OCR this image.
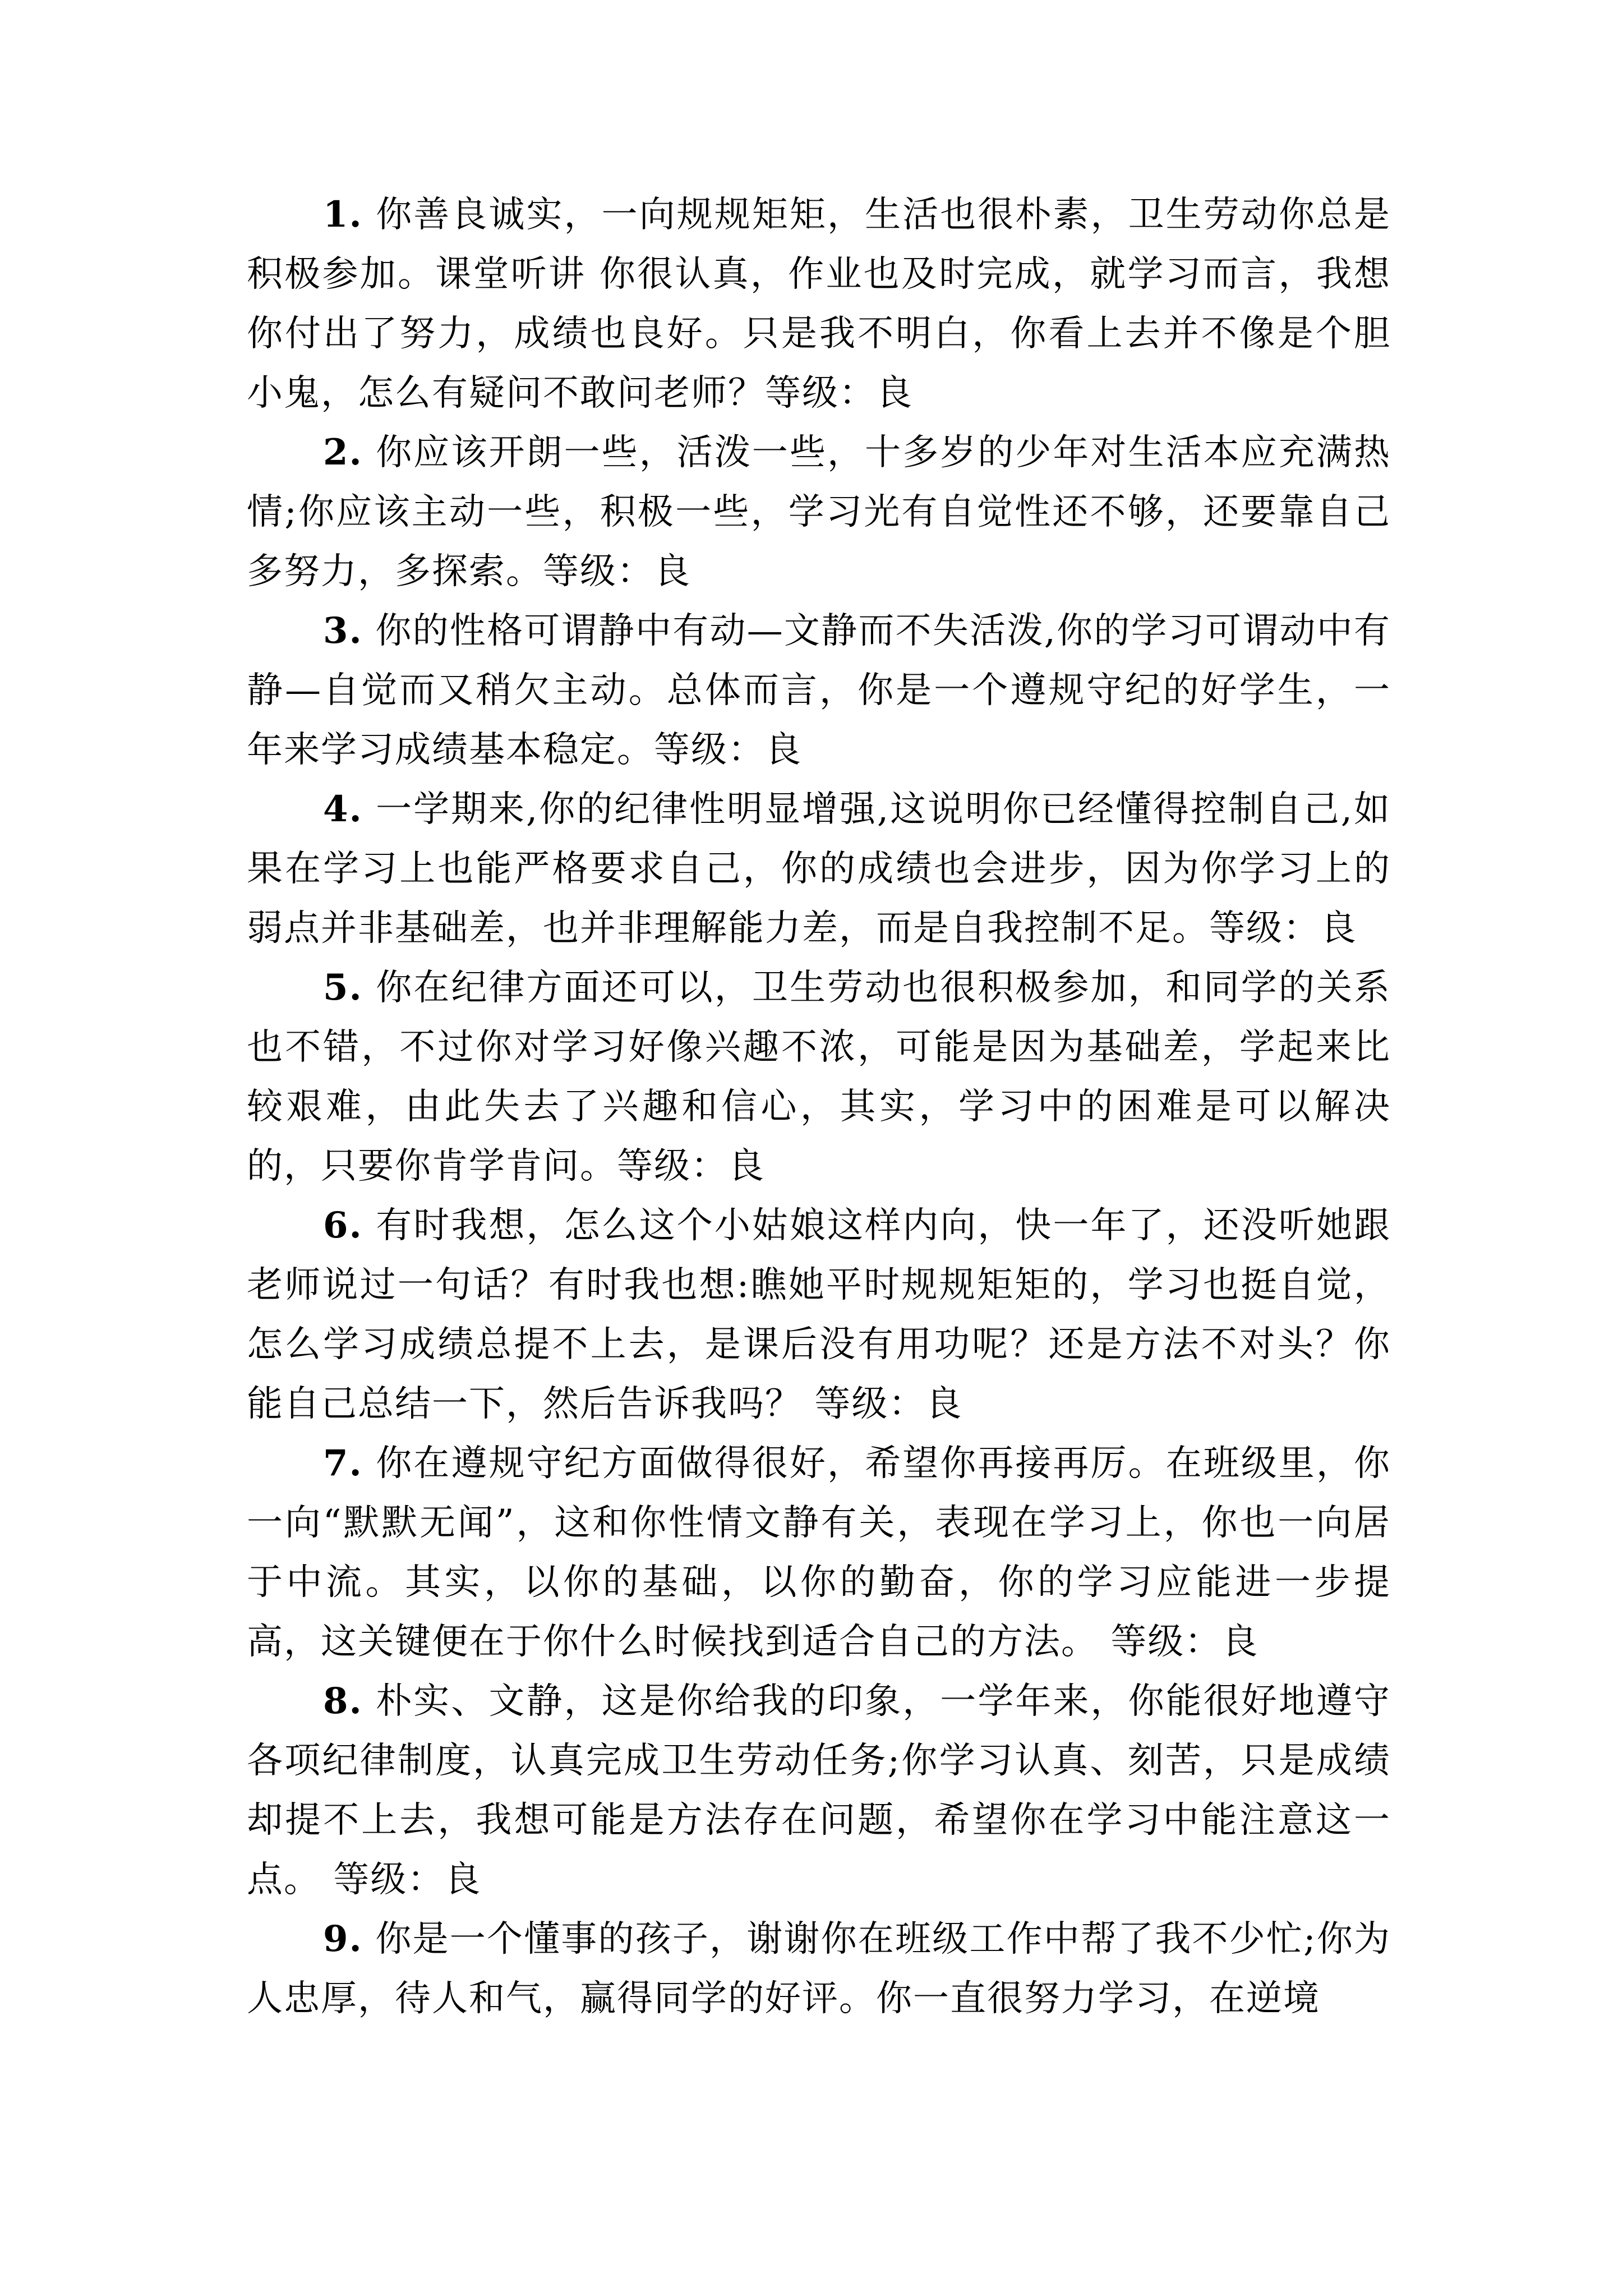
1. 你善良诚实，一向规规矩矩，生活也很朴素，卫生劳动你总是积极参加。课堂听讲 你很认真，作业也及时完成，就学习而言，我想你付出了努力，成绩也良好。只是我不明白，你看上去并不像是个胆小鬼，怎么有疑问不敢问老师？等级：良

2. 你应该开朗一些，活泼一些，十多岁的少年对生活本应充满热情;你应该主动一些，积极一些，学习光有自觉性还不够，还要靠自己多努力，多探索。等级：良

3. 你的性格可谓静中有动—文静而不失活泼,你的学习可谓动中有静—自觉而又稍欠主动。总体而言，你是一个遵规守纪的好学生，一年来学习成绩基本稳定。等级：良

4. 一学期来,你的纪律性明显增强,这说明你已经懂得控制自己,如果在学习上也能严格要求自己，你的成绩也会进步，因为你学习上的弱点并非基础差，也并非理解能力差，而是自我控制不足。等级：良

5. 你在纪律方面还可以，卫生劳动也很积极参加，和同学的关系也不错，不过你对学习好像兴趣不浓，可能是因为基础差，学起来比较艰难，由此失去了兴趣和信心，其实，学习中的困难是可以解决的，只要你肯学肯问。等级：良

6. 有时我想，怎么这个小姑娘这样内向，快一年了，还没听她跟老师说过一句话？有时我也想:瞧她平时规规矩矩的，学习也挺自觉，怎么学习成绩总提不上去，是课后没有用功呢？还是方法不对头？你能自己总结一下，然后告诉我吗？ 等级：良

7. 你在遵规守纪方面做得很好，希望你再接再厉。在班级里，你一向“默默无闻”，这和你性情文静有关，表现在学习上，你也一向居于中流。其实，以你的基础，以你的勤奋，你的学习应能进一步提高，这关键便在于你什么时候找到适合自己的方法。 等级：良

8. 朴实、文静，这是你给我的印象，一学年来，你能很好地遵守各项纪律制度，认真完成卫生劳动任务;你学习认真、刻苦，只是成绩却提不上去，我想可能是方法存在问题，希望你在学习中能注意这一点。 等级：良

9. 你是一个懂事的孩子，谢谢你在班级工作中帮了我不少忙;你为人忠厚，待人和气，赢得同学的好评。你一直很努力学习，在逆境
